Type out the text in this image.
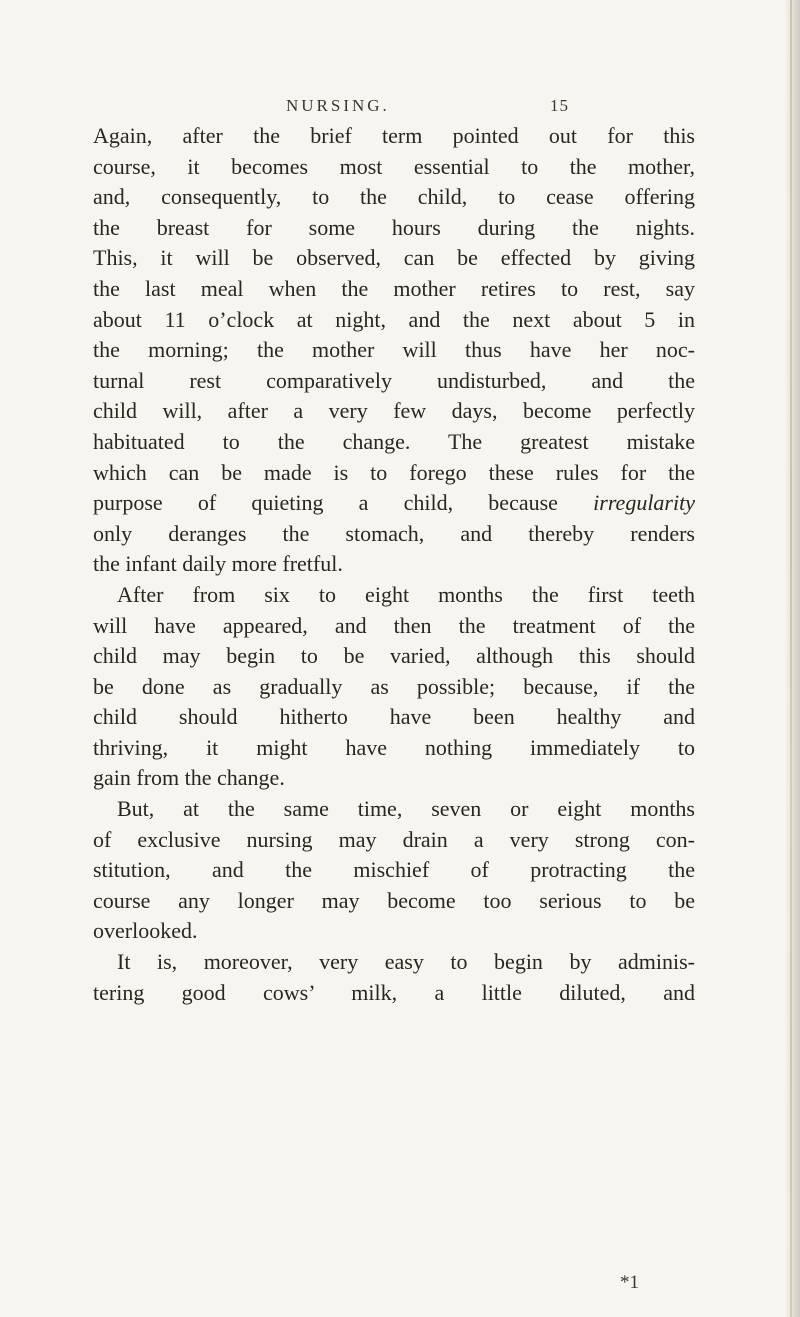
NURSING.	15
Again, after the brief term pointed out for this
course, it becomes most essential to the mother,
and, consequently, to the child, to cease offering
the breast for some hours during the nights.
This, it will be observed, can be effected by giving
the last meal when the mother retires to rest, say
about 11 o’clock at night, and the next about 5 in
the morning; the mother will thus have her noc-
turnal rest comparatively undisturbed, and the
child will, after a very few days, become perfectly
habituated to the change. The greatest mistake
which can be made is to forego these rules for the
purpose of quieting a child, because irregularity
only deranges the stomach, and thereby renders
the infant daily more fretful.
After from six to eight months the first teeth
will have appeared, and then the treatment of the
child may begin to be varied, although this should
be done as gradually as possible; because, if the
child should hitherto have been healthy and
thriving, it might have nothing immediately to
gain from the change.
But, at the same time, seven or eight months
of exclusive nursing may drain a very strong con-
stitution, and the mischief of protracting the
course any longer may become too serious to be
overlooked.
It is, moreover, very easy to begin by adminis-
tering good cows’ milk, a little diluted, and
*1
